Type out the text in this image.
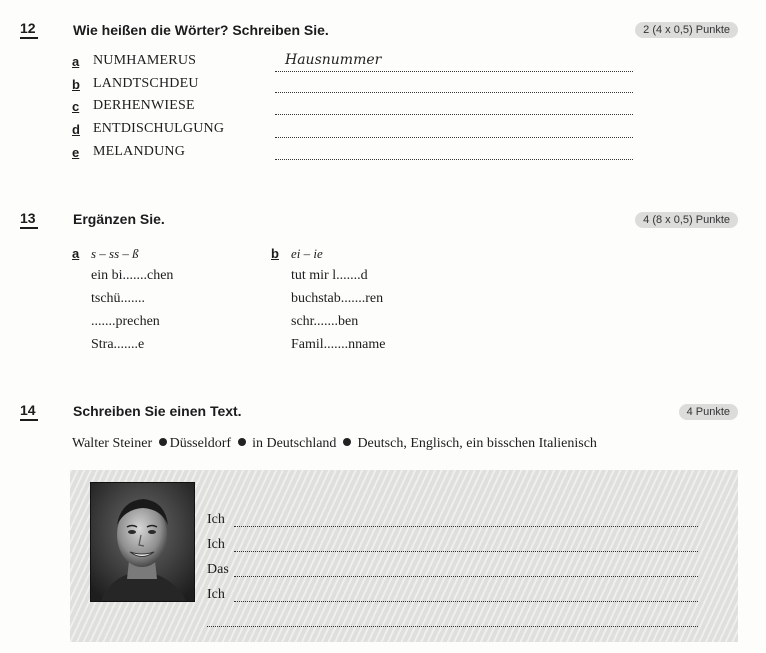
12	Wie heißen die Wörter? Schreiben Sie.	2 (4 x 0,5) Punkte
a NUMHAMERUS	Hausnummer
b LANDTSCHDEU
c DERHENWIESE
d ENTDISCHULGUNG
e MELANDUNG
13	Ergänzen Sie.	4 (8 x 0,5) Punkte
a s – ss – ß
ein bi.......chen
tschü.......
.......prechen
Stra.......e
b ei – ie
tut mir l.......d
buchstab.......ren
schr.......ben
Famil.......nname
14	Schreiben Sie einen Text.	4 Punkte
Walter Steiner Düsseldorf in Deutschland Deutsch, Englisch, ein bisschen Italienisch
Ich
Ich
Das
Ich
